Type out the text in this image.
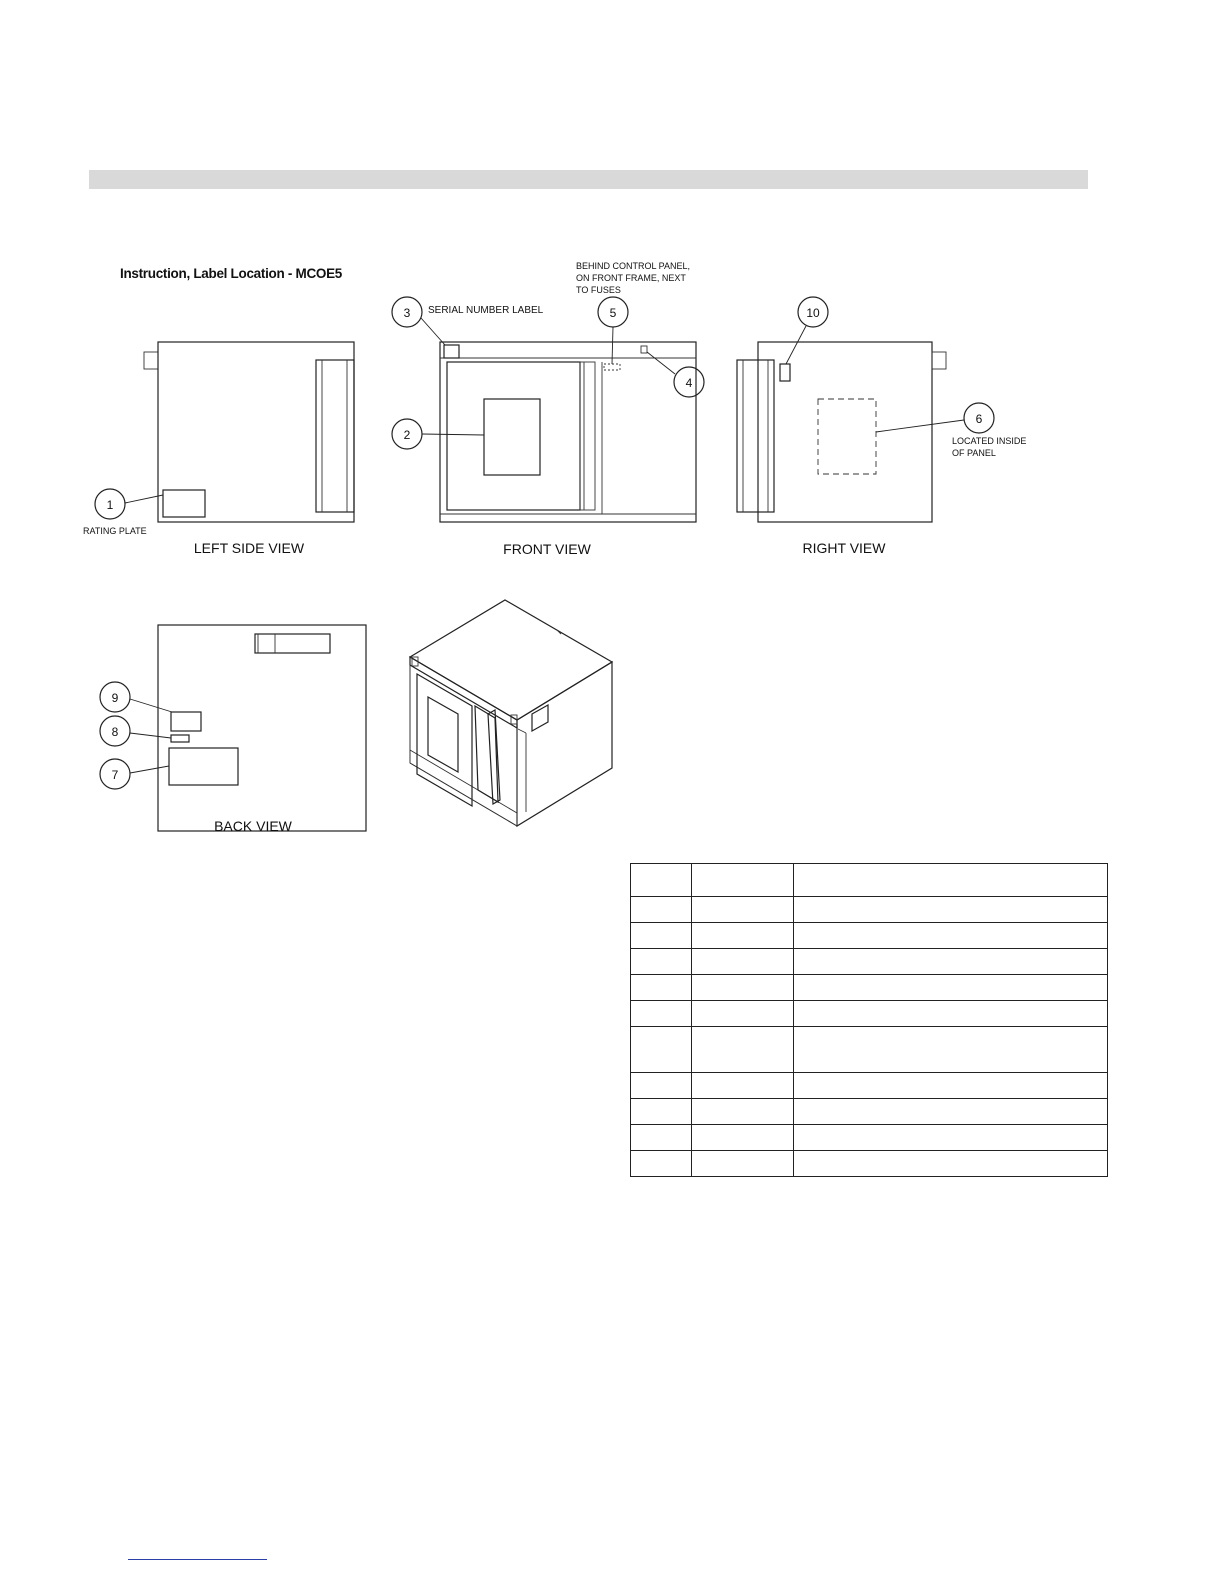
Instruction, Label Location - MCOE5
1
RATING PLATE
LEFT SIDE VIEW
3 SERIAL NUMBER LABEL	5
BEHIND CONTROL PANEL,
ON FRONT FRAME, NEXT
TO FUSES
4
2
FRONT VIEW
10
6
LOCATED INSIDE
OF PANEL
RIGHT VIEW
9
8
7
BACK VIEW
